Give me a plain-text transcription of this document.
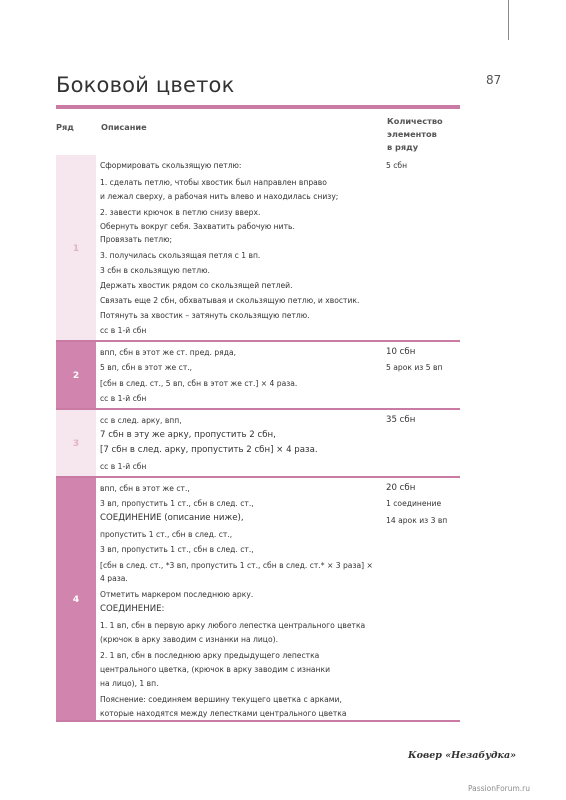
Боковой цветок	87
Ряд	Описание
Количество
элементов
в ряду
1
Сформировать скользящую петлю:
1. сделать петлю, чтобы хвостик был направлен вправо
и лежал сверху, а рабочая нить влево и находилась снизу;
2. завести крючок в петлю снизу вверх.
Обернуть вокруг себя. Захватить рабочую нить.
Провязать петлю;
3. получилась скользящая петля с 1 вп.
3 сбн в скользящую петлю.
Держать хвостик рядом со скользящей петлей.
Связать еще 2 сбн, обхватывая и скользящую петлю, и хвостик.
Потянуть за хвостик – затянуть скользящую петлю.
сс в 1-й сбн
5 сбн
2
впп, сбн в этот же ст. пред. ряда,
5 вп, сбн в этот же ст.,
[сбн в след. ст., 5 вп, сбн в этот же ст.] × 4 раза.
сс в 1-й сбн
10 сбн
5 арок из 5 вп
3
сс в след. арку, впп,
7 сбн в эту же арку, пропустить 2 сбн,
[7 сбн в след. арку, пропустить 2 сбн] × 4 раза.
сс в 1-й сбн
35 сбн
4
впп, сбн в этот же ст.,
3 вп, пропустить 1 ст., сбн в след. ст.,
СОЕДИНЕНИЕ (описание ниже),
пропустить 1 ст., сбн в след. ст.,
3 вп, пропустить 1 ст., сбн в след. ст.,
[сбн в след. ст., *3 вп, пропустить 1 ст., сбн в след. ст.* × 3 раза] ×
4 раза.
Отметить маркером последнюю арку.
СОЕДИНЕНИЕ:
1. 1 вп, сбн в первую арку любого лепестка центрального цветка
(крючок в арку заводим с изнанки на лицо).
2. 1 вп, сбн в последнюю арку предыдущего лепестка
центрального цветка, (крючок в арку заводим с изнанки
на лицо), 1 вп.
Пояснение: соединяем вершину текущего цветка с арками,
которые находятся между лепестками центрального цветка
20 сбн
1 соединение
14 арок из 3 вп
Ковер «Незабудка»
PassionForum.ru
